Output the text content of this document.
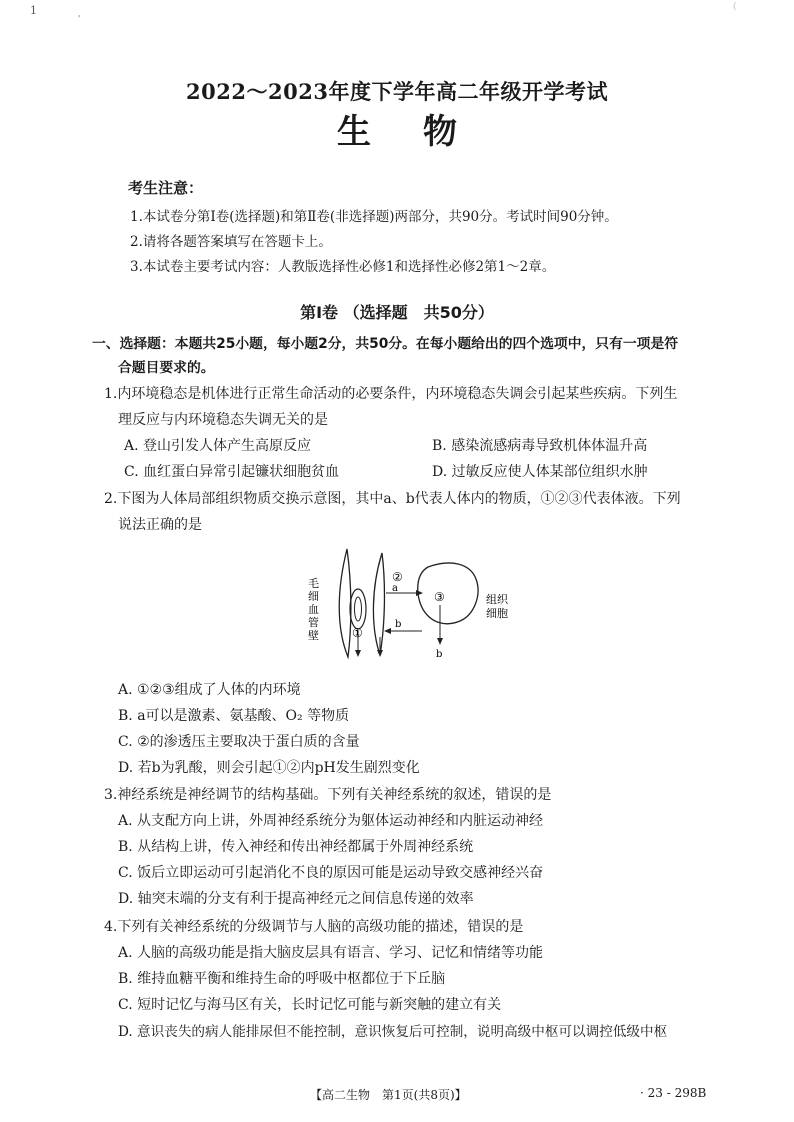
1
'
(
2022～2023年度下学年高二年级开学考试
生物
考生注意：
1.本试卷分第Ⅰ卷(选择题)和第Ⅱ卷(非选择题)两部分，共90分。考试时间90分钟。
2.请将各题答案填写在答题卡上。
3.本试卷主要考试内容：人教版选择性必修1和选择性必修2第1～2章。
第Ⅰ卷 （选择题　共50分）
一、选择题：本题共25小题，每小题2分，共50分。在每小题给出的四个选项中，只有一项是符
合题目要求的。
1.内环境稳态是机体进行正常生命活动的必要条件，内环境稳态失调会引起某些疾病。下列生
理反应与内环境稳态失调无关的是
A. 登山引发人体产生高原反应	B. 感染流感病毒导致机体体温升高
C. 血红蛋白异常引起镰状细胞贫血	D. 过敏反应使人体某部位组织水肿
2.下图为人体局部组织物质交换示意图，其中a、b代表人体内的物质，①②③代表体液。下列
说法正确的是
毛细血管壁
组织细胞
①
②
③
a
b
b
A. ①②③组成了人体的内环境
B. a可以是激素、氨基酸、O₂ 等物质
C. ②的渗透压主要取决于蛋白质的含量
D. 若b为乳酸，则会引起①②内pH发生剧烈变化
3.神经系统是神经调节的结构基础。下列有关神经系统的叙述，错误的是
A. 从支配方向上讲，外周神经系统分为躯体运动神经和内脏运动神经
B. 从结构上讲，传入神经和传出神经都属于外周神经系统
C. 饭后立即运动可引起消化不良的原因可能是运动导致交感神经兴奋
D. 轴突末端的分支有利于提高神经元之间信息传递的效率
4.下列有关神经系统的分级调节与人脑的高级功能的描述，错误的是
A. 人脑的高级功能是指大脑皮层具有语言、学习、记忆和情绪等功能
B. 维持血糖平衡和维持生命的呼吸中枢都位于下丘脑
C. 短时记忆与海马区有关，长时记忆可能与新突触的建立有关
D. 意识丧失的病人能排尿但不能控制，意识恢复后可控制，说明高级中枢可以调控低级中枢
【高二生物　第1页(共8页)】	· 23 - 298B
